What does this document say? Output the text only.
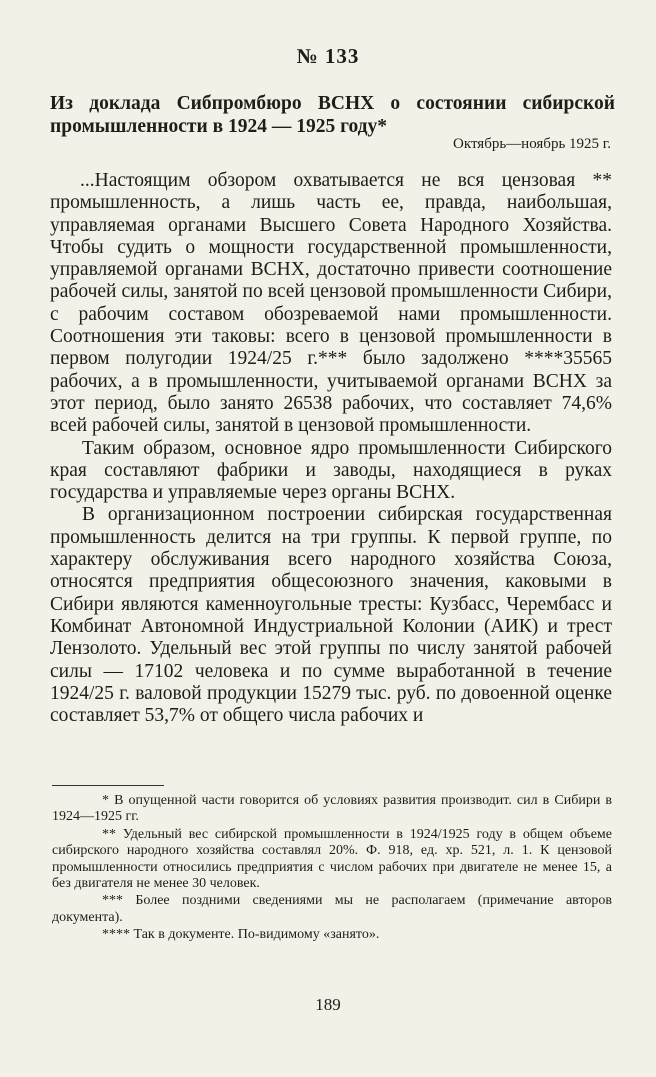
№ 133
Из доклада Сибпромбюро ВСНХ о состоянии сибирской промышленности в 1924 — 1925 году*
Октябрь—ноябрь 1925 г.

...Настоящим обзором охватывается не вся цензовая ** промышленность, а лишь часть ее, правда, наибольшая, управляемая органами Высшего Совета Народного Хозяйства. Чтобы судить о мощности государственной промышленности, управляемой органами ВСНХ, достаточно привести соотношение рабочей силы, занятой по всей цензовой промышленности Сибири, с рабочим составом обозреваемой нами промышленности. Соотношения эти таковы: всего в цензовой промышленности в первом полугодии 1924/25 г.*** было задолжено ****35565 рабочих, а в промышленности, учитываемой органами ВСНХ за этот период, было занято 26538 рабочих, что составляет 74,6% всей рабочей силы, занятой в цензовой промышленности.

Таким образом, основное ядро промышленности Сибирского края составляют фабрики и заводы, находящиеся в руках государства и управляемые через органы ВСНХ.

В организационном построении сибирская государственная промышленность делится на три группы. К первой группе, по характеру обслуживания всего народного хозяйства Союза, относятся предприятия общесоюзного значения, каковыми в Сибири являются каменноугольные тресты: Кузбасс, Черембасс и Комбинат Автономной Индустриальной Колонии (АИК) и трест Лензолото. Удельный вес этой группы по числу занятой рабочей силы — 17102 человека и по сумме выработанной в течение 1924/25 г. валовой продукции 15279 тыс. руб. по довоенной оценке составляет 53,7% от общего числа рабочих и

* В опущенной части говорится об условиях развития производит. сил в Сибири в 1924—1925 гг.

** Удельный вес сибирской промышленности в 1924/1925 году в общем объеме сибирского народного хозяйства составлял 20%. Ф. 918, ед. хр. 521, л. 1. К цензовой промышленности относились предприятия с числом рабочих при двигателе не менее 15, а без двигателя не менее 30 человек.

*** Более поздними сведениями мы не располагаем (примечание авторов документа).

**** Так в документе. По-видимому «занято».

189
